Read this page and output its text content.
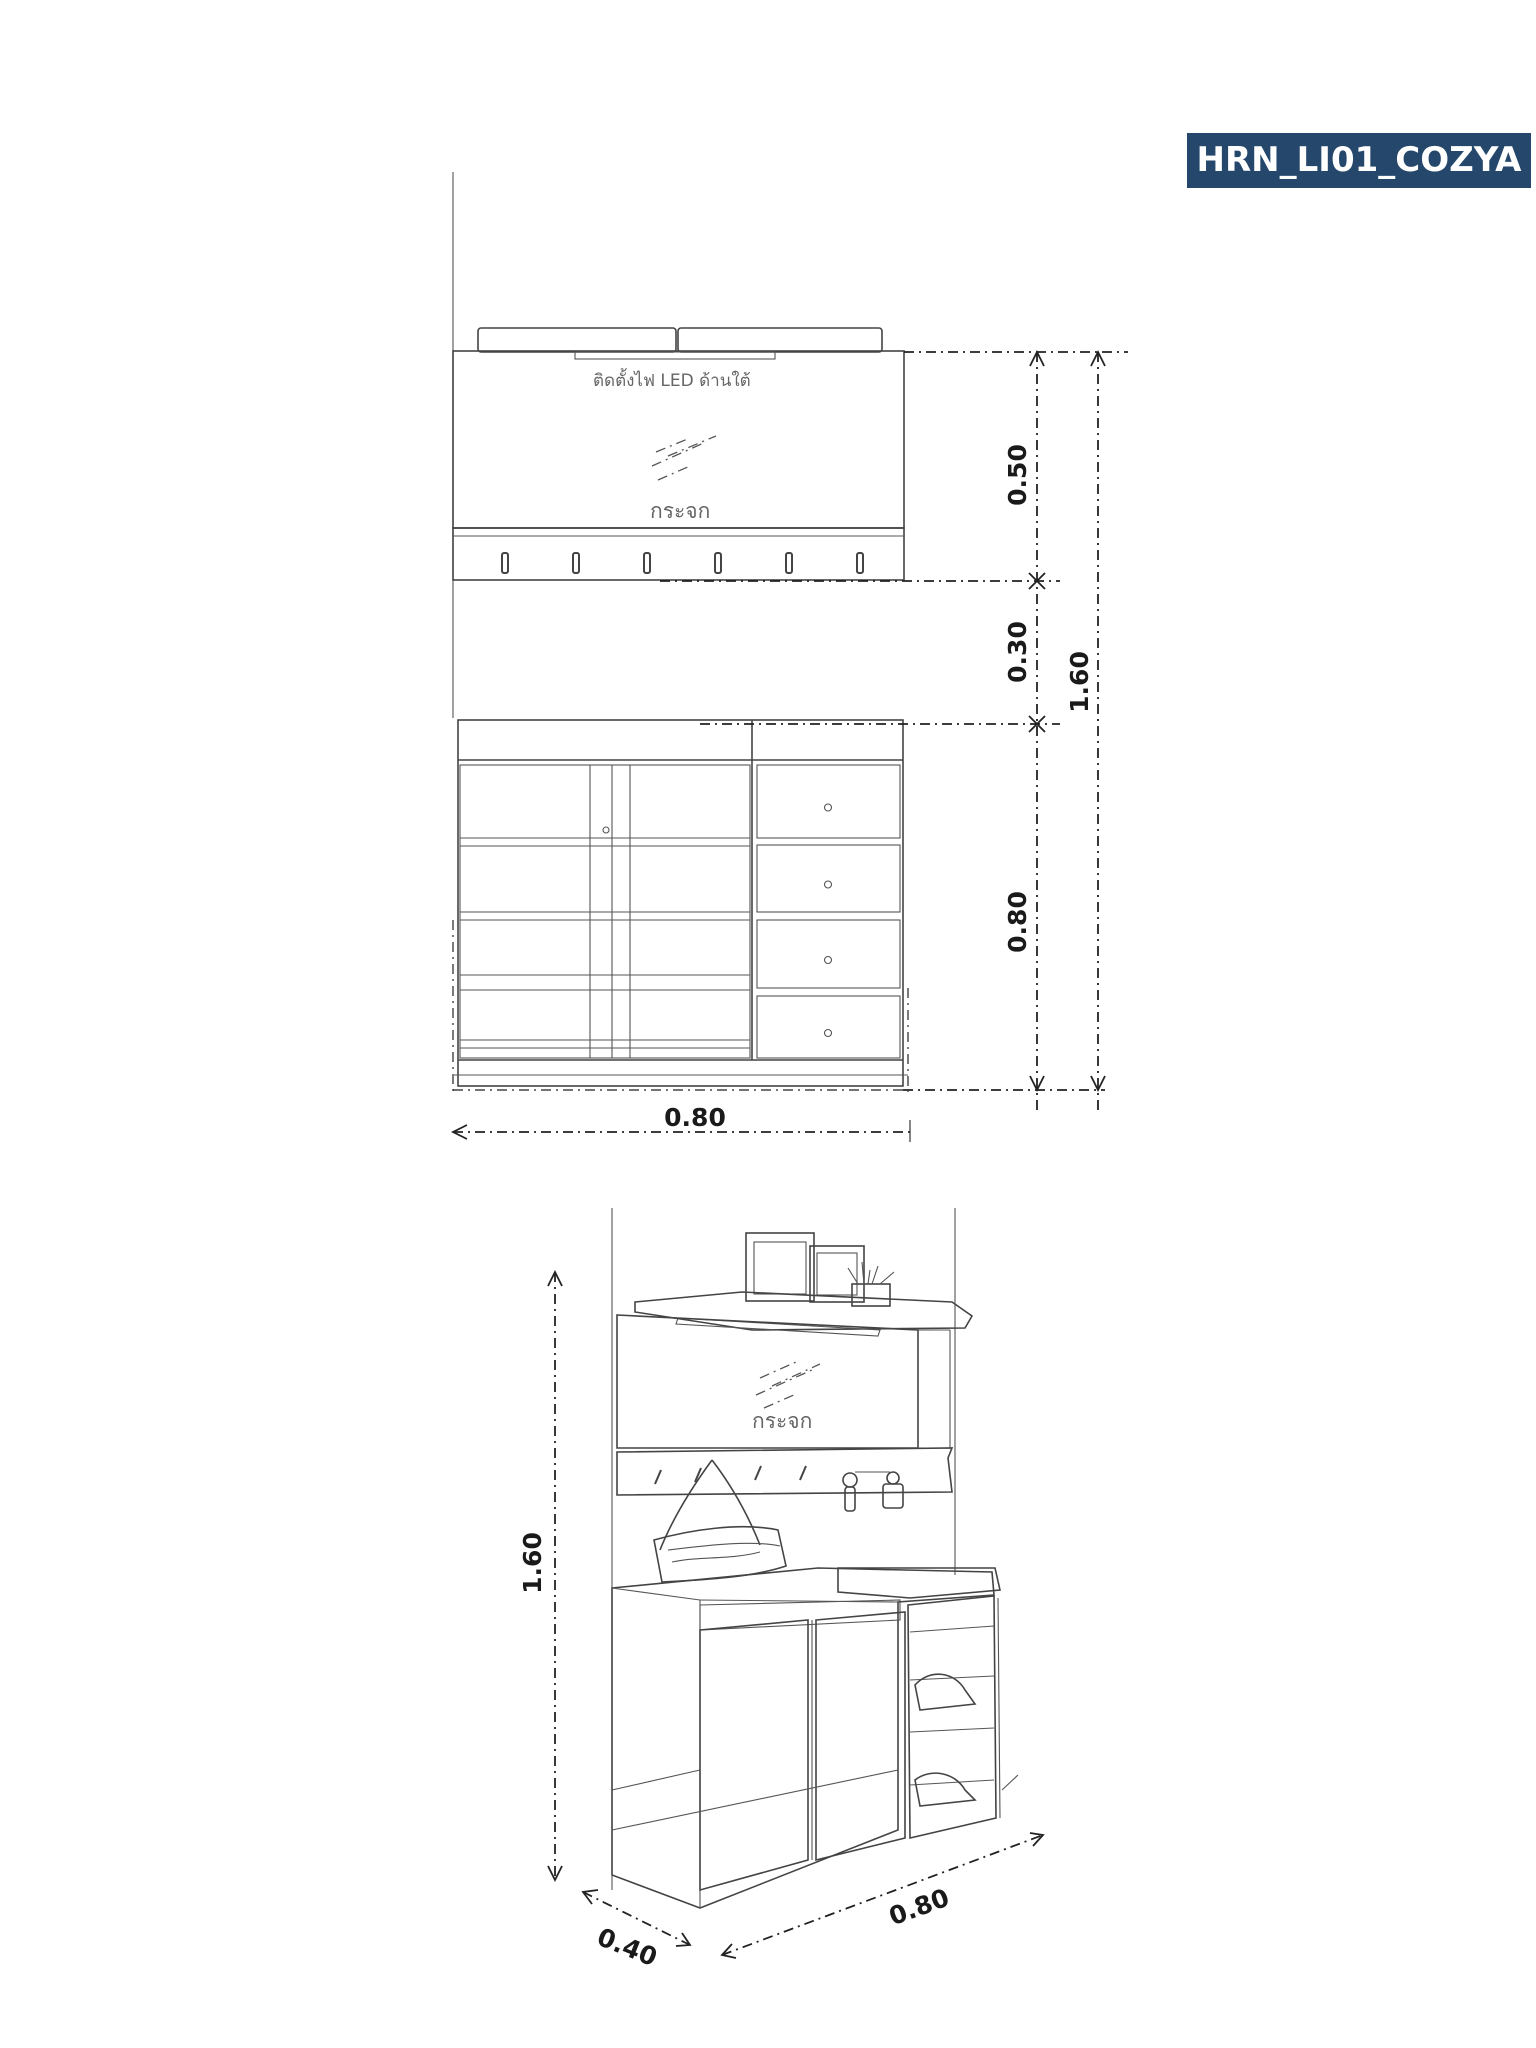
HRN_LI01_COZYA
ติดตั้งไฟ LED ด้านใต้
กระจก
0.50
0.30
0.80
1.60
0.80
กระจก
1.60
0.40
0.80
